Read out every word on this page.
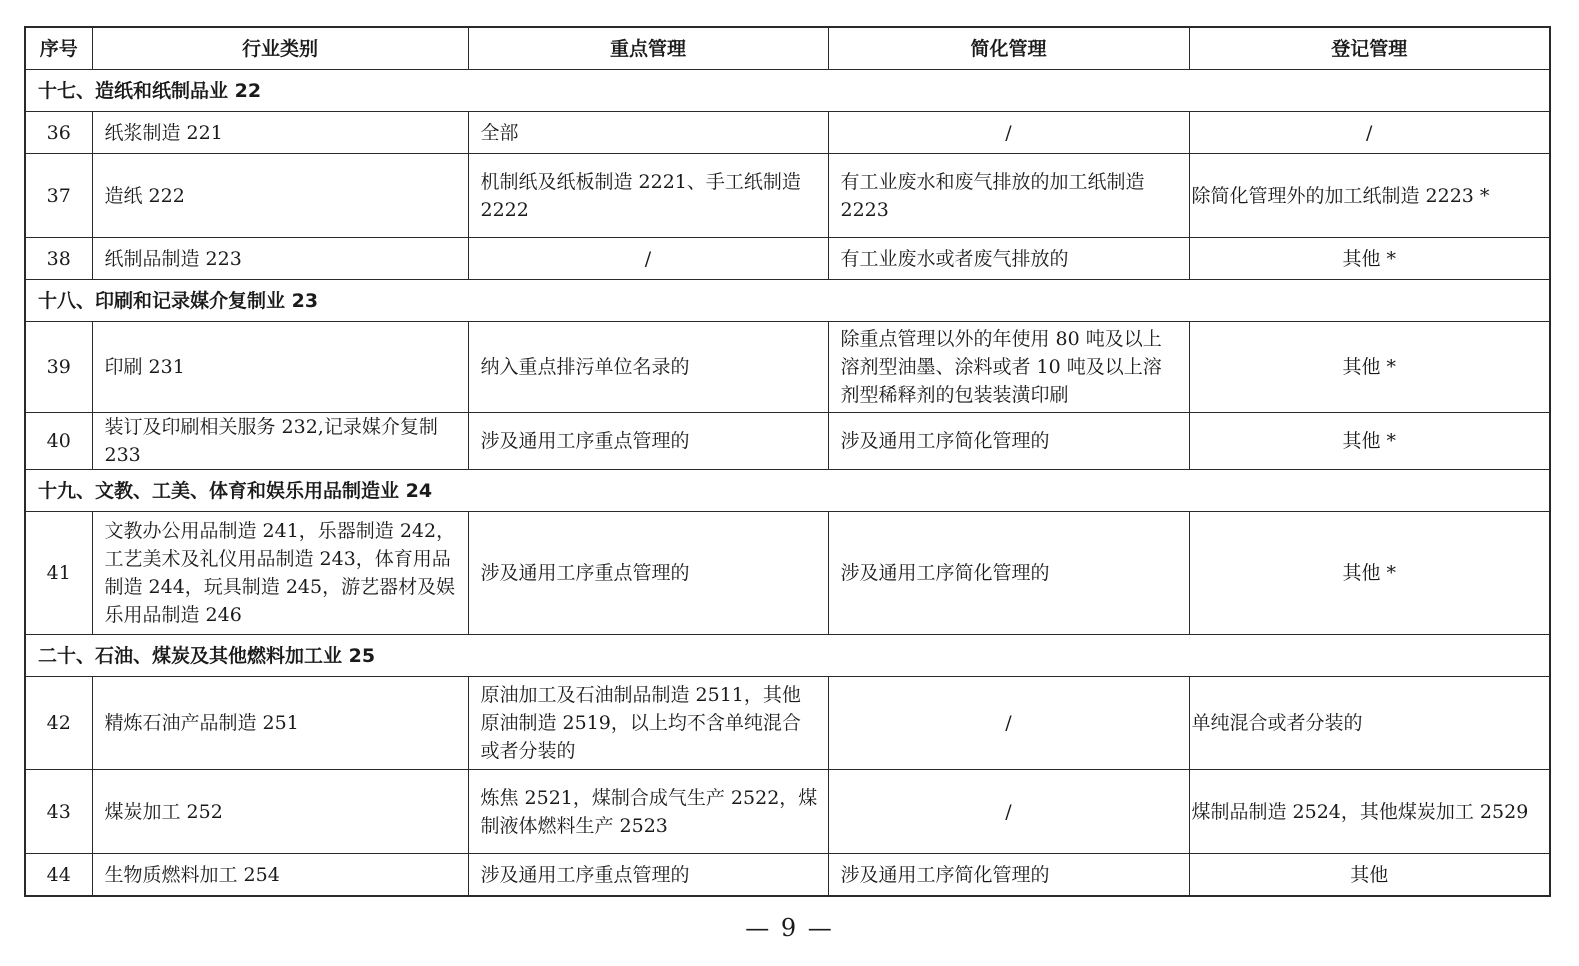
序号	行业类别	重点管理	简化管理	登记管理
十七、造纸和纸制品业 22				
36	纸浆制造 221	全部	/	/
37	造纸 222	机制纸及纸板制造 2221、手工纸制造 2222	有工业废水和废气排放的加工纸制造 2223	除简化管理外的加工纸制造 2223 *
38	纸制品制造 223	/	有工业废水或者废气排放的	其他 *
十八、印刷和记录媒介复制业 23				
39	印刷 231	纳入重点排污单位名录的	除重点管理以外的年使用 80 吨及以上溶剂型油墨、涂料或者 10 吨及以上溶剂型稀释剂的包装装潢印刷	其他 *
40	装订及印刷相关服务 232,记录媒介复制 233	涉及通用工序重点管理的	涉及通用工序简化管理的	其他 *
十九、文教、工美、体育和娱乐用品制造业 24				
41	文教办公用品制造 241，乐器制造 242，工艺美术及礼仪用品制造 243，体育用品制造 244，玩具制造 245，游艺器材及娱乐用品制造 246	涉及通用工序重点管理的	涉及通用工序简化管理的	其他 *
二十、石油、煤炭及其他燃料加工业 25				
42	精炼石油产品制造 251	原油加工及石油制品制造 2511，其他原油制造 2519，以上均不含单纯混合或者分装的	/	单纯混合或者分装的
43	煤炭加工 252	炼焦 2521，煤制合成气生产 2522，煤制液体燃料生产 2523	/	煤制品制造 2524，其他煤炭加工 2529
44	生物质燃料加工 254	涉及通用工序重点管理的	涉及通用工序简化管理的	其他
— 9 —
